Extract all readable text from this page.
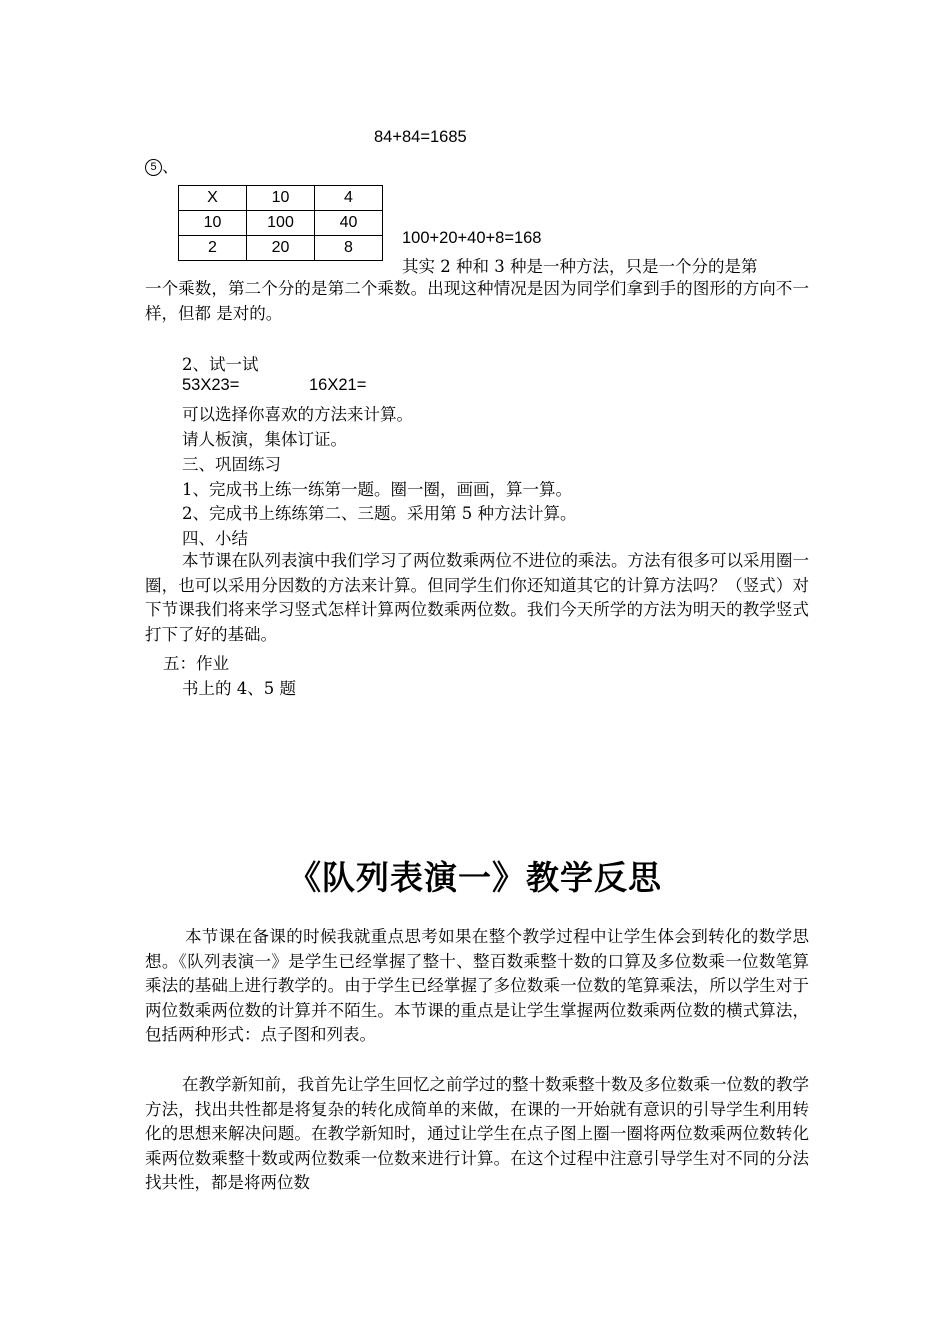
84+84=1685
5 、
X	10	4
10	100	40
2	20	8
100+20+40+8=168
其实 2 种和 3 种是一种方法，只是一个分的是第
一个乘数，第二个分的是第二个乘数。出现这种情况是因为同学们拿到手的图形的方向不一样，但都 是对的。
2、试一试
53X23=	16X21=
可以选择你喜欢的方法来计算。
请人板演，集体订证。
三、巩固练习
1、完成书上练一练第一题。圈一圈，画画，算一算。
2、完成书上练练第二、三题。采用第 5 种方法计算。
四、小结
本节课在队列表演中我们学习了两位数乘两位不进位的乘法。方法有很多可以采用圈一圈，也可以采用分因数的方法来计算。但同学生们你还知道其它的计算方法吗？（竖式）对下节课我们将来学习竖式怎样计算两位数乘两位数。我们今天所学的方法为明天的教学竖式打下了好的基础。
五：作业
书上的 4、5 题
《队列表演一》教学反思
本节课在备课的时候我就重点思考如果在整个教学过程中让学生体会到转化的数学思想。《队列表演一》是学生已经掌握了整十、整百数乘整十数的口算及多位数乘一位数笔算乘法的基础上进行教学的。由于学生已经掌握了多位数乘一位数的笔算乘法，所以学生对于两位数乘两位数的计算并不陌生。本节课的重点是让学生掌握两位数乘两位数的横式算法，包括两种形式：点子图和列表。
在教学新知前，我首先让学生回忆之前学过的整十数乘整十数及多位数乘一位数的教学方法，找出共性都是将复杂的转化成简单的来做，在课的一开始就有意识的引导学生利用转化的思想来解决问题。在教学新知时，通过让学生在点子图上圈一圈将两位数乘两位数转化乘两位数乘整十数或两位数乘一位数来进行计算。在这个过程中注意引导学生对不同的分法找共性，都是将两位数
